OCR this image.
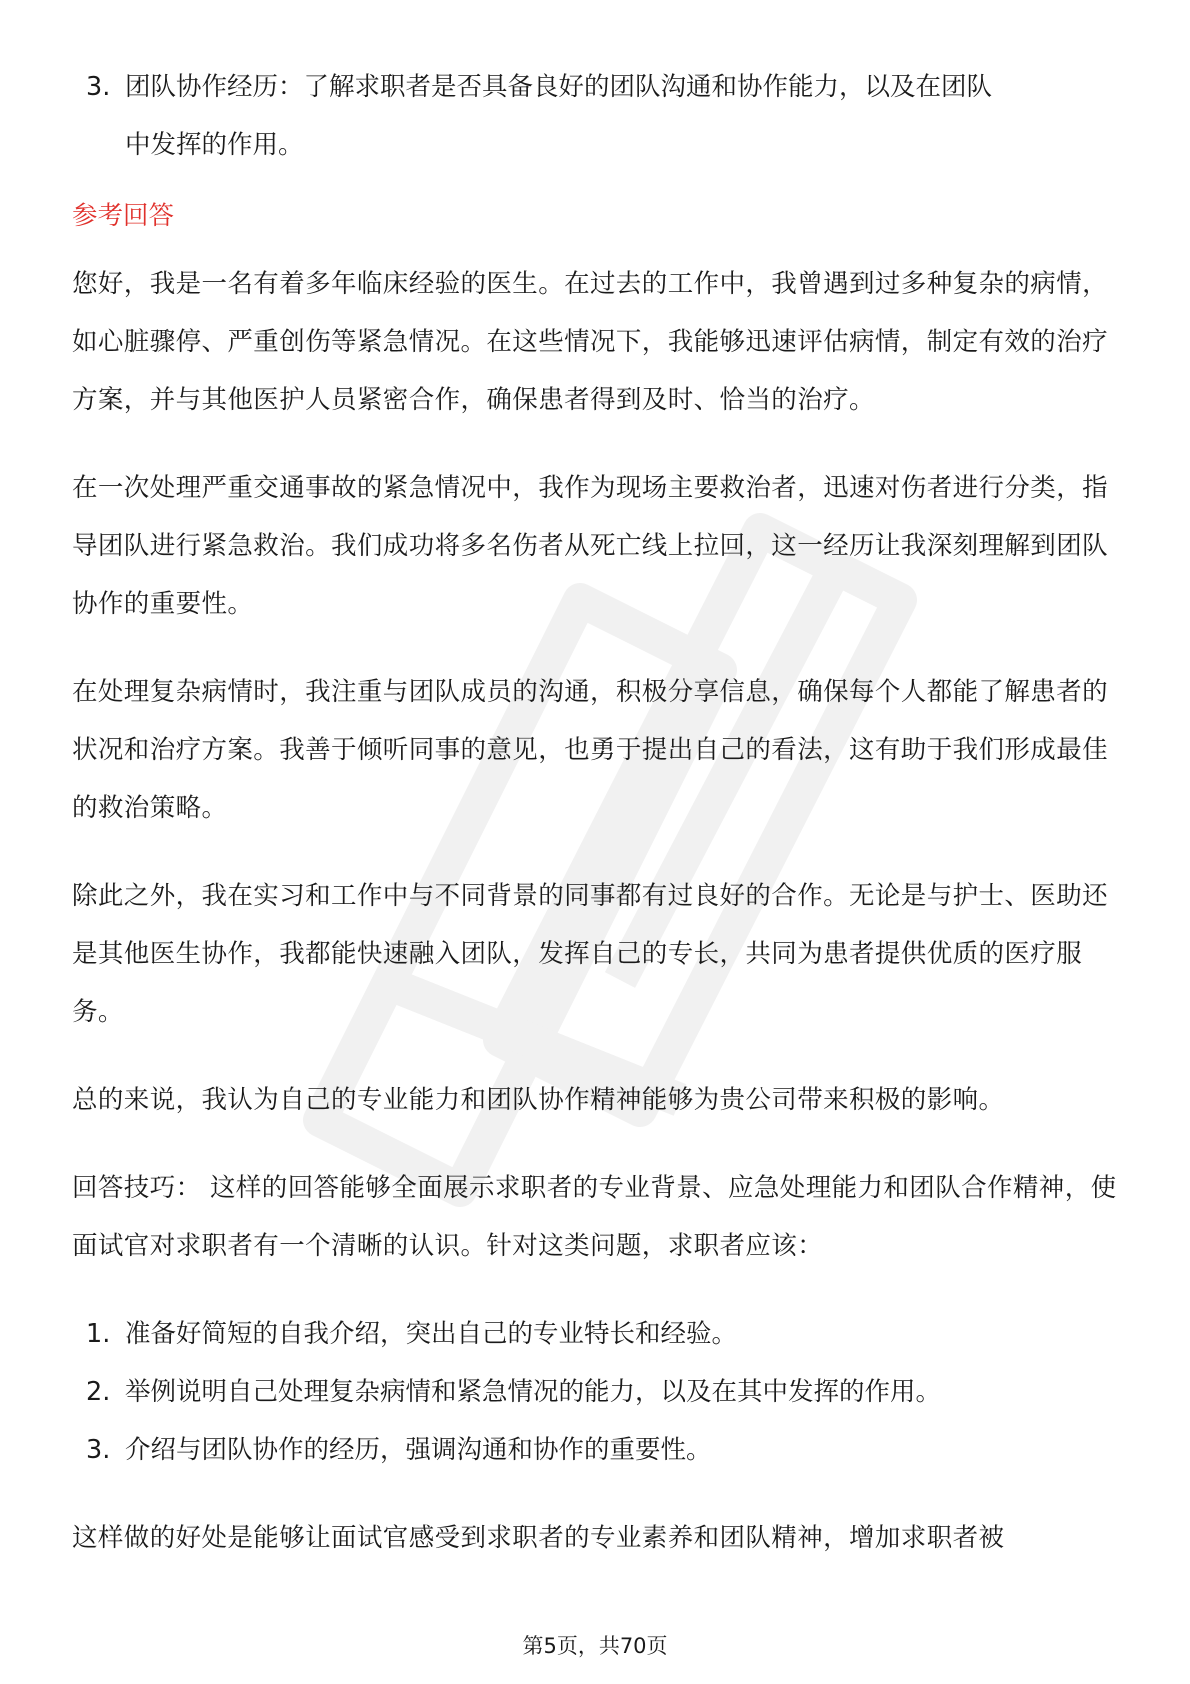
3. 团队协作经历：了解求职者是否具备良好的团队沟通和协作能力，以及在团队
中发挥的作用。
参考回答

您好，我是一名有着多年临床经验的医生。在过去的工作中，我曾遇到过多种复杂的病情，如心脏骤停、严重创伤等紧急情况。在这些情况下，我能够迅速评估病情，制定有效的治疗方案，并与其他医护人员紧密合作，确保患者得到及时、恰当的治疗。

在一次处理严重交通事故的紧急情况中，我作为现场主要救治者，迅速对伤者进行分类，指导团队进行紧急救治。我们成功将多名伤者从死亡线上拉回，这一经历让我深刻理解到团队协作的重要性。

在处理复杂病情时，我注重与团队成员的沟通，积极分享信息，确保每个人都能了解患者的状况和治疗方案。我善于倾听同事的意见，也勇于提出自己的看法，这有助于我们形成最佳的救治策略。

除此之外，我在实习和工作中与不同背景的同事都有过良好的合作。无论是与护士、医助还是其他医生协作，我都能快速融入团队，发挥自己的专长，共同为患者提供优质的医疗服务。

总的来说，我认为自己的专业能力和团队协作精神能够为贵公司带来积极的影响。

回答技巧： 这样的回答能够全面展示求职者的专业背景、应急处理能力和团队合作精神，使面试官对求职者有一个清晰的认识。针对这类问题，求职者应该：

1. 准备好简短的自我介绍，突出自己的专业特长和经验。
2. 举例说明自己处理复杂病情和紧急情况的能力，以及在其中发挥的作用。
3. 介绍与团队协作的经历，强调沟通和协作的重要性。

这样做的好处是能够让面试官感受到求职者的专业素养和团队精神，增加求职者被

第5页，共70页
